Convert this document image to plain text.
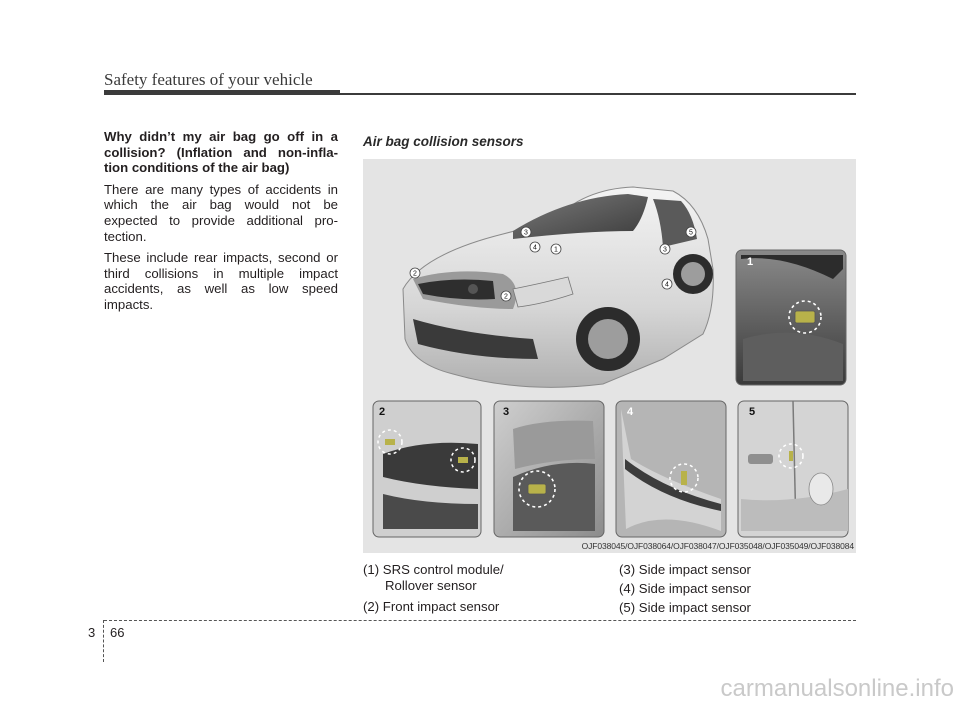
Safety features of your vehicle
Why didn’t my air bag go off in a collision? (Inflation and non-infla- tion conditions of the air bag)

There are many types of accidents in which the air bag would not be expected to provide additional pro- tection.

These include rear impacts, second or third collisions in multiple impact accidents, as well as low speed impacts.

Air bag collision sensors
3
4 1
2
2
5
3
4
1
2	3	4	5
OJF038045/OJF038064/OJF038047/OJF035048/OJF035049/OJF038084
(1) SRS control module/
Rollover sensor
(2) Front impact sensor
(3) Side impact sensor
(4) Side impact sensor
(5) Side impact sensor
3 66
carmanualsonline.info
